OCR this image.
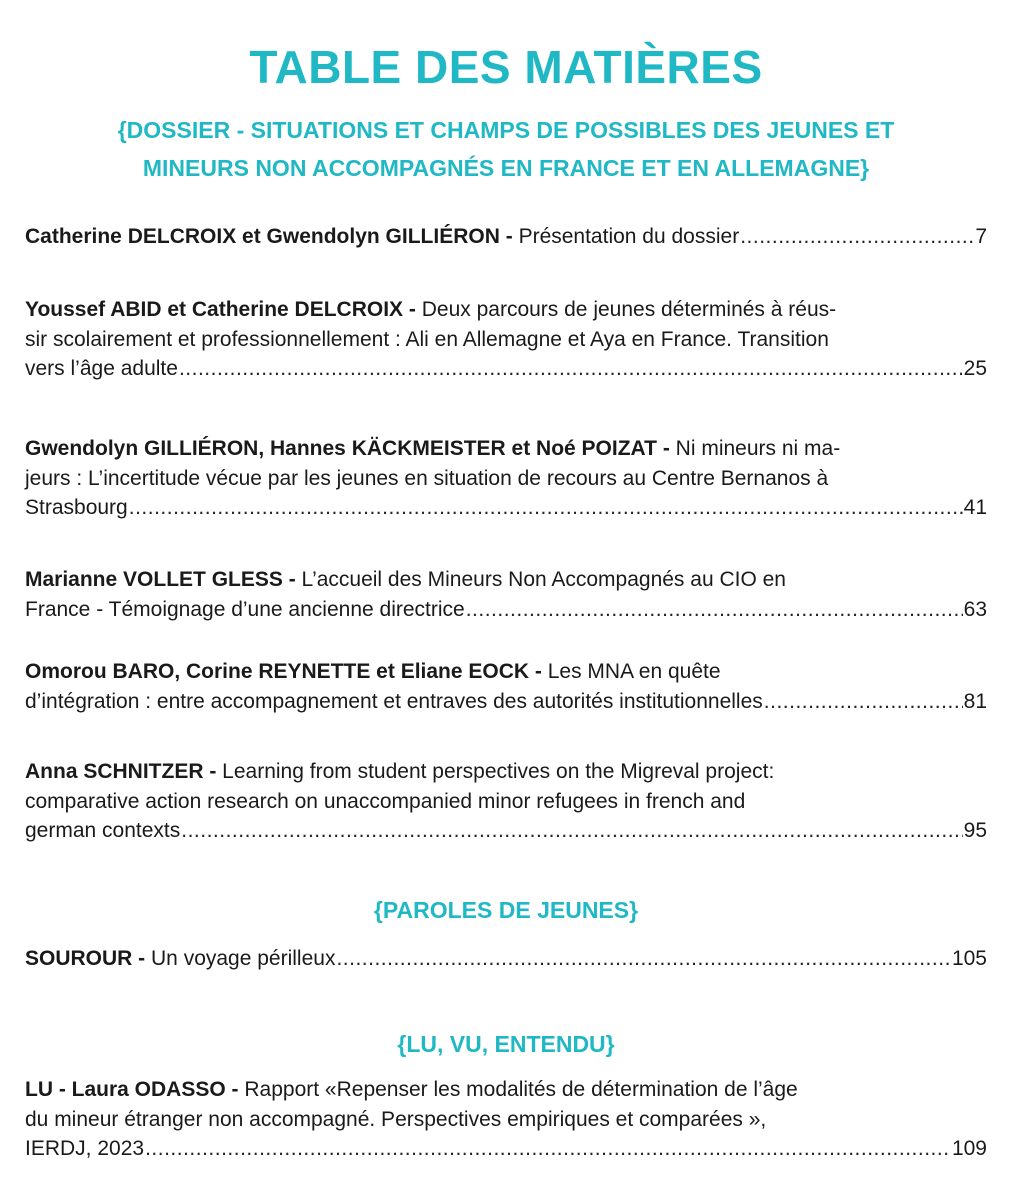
TABLE DES MATIÈRES
{DOSSIER - SITUATIONS ET CHAMPS DE POSSIBLES DES JEUNES ET
MINEURS NON ACCOMPAGNÉS EN FRANCE ET EN ALLEMAGNE}
Catherine DELCROIX et Gwendolyn GILLIÉRON -
Présentation du dossier .....	7
Youssef ABID et Catherine DELCROIX -
Deux parcours de jeunes déterminés à réus-
sir scolairement et professionnellement : Ali en Allemagne et Aya en France. Transition
vers l’âge adulte .....	25
Gwendolyn GILLIÉRON, Hannes KÄCKMEISTER et Noé POIZAT -
Ni mineurs ni ma-
jeurs : L’incertitude vécue par les jeunes en situation de recours au Centre Bernanos à
Strasbourg .....	41
Marianne VOLLET GLESS -
L’accueil des Mineurs Non Accompagnés au CIO en
France - Témoignage d’une ancienne directrice .....	63
Omorou BARO, Corine REYNETTE et Eliane EOCK -
Les MNA en quête
d’intégration : entre accompagnement et entraves des autorités institutionnelles .....	81
Anna SCHNITZER -
Learning from student perspectives on the Migreval project:
comparative action research on unaccompanied minor refugees in french and
german contexts .....	95
{PAROLES DE JEUNES}
SOUROUR -
Un voyage périlleux .....	105
{LU, VU, ENTENDU}
LU - Laura ODASSO -
Rapport «Repenser les modalités de détermination de l’âge
du mineur étranger non accompagné. Perspectives empiriques et comparées »,
IERDJ, 2023 .....	109
